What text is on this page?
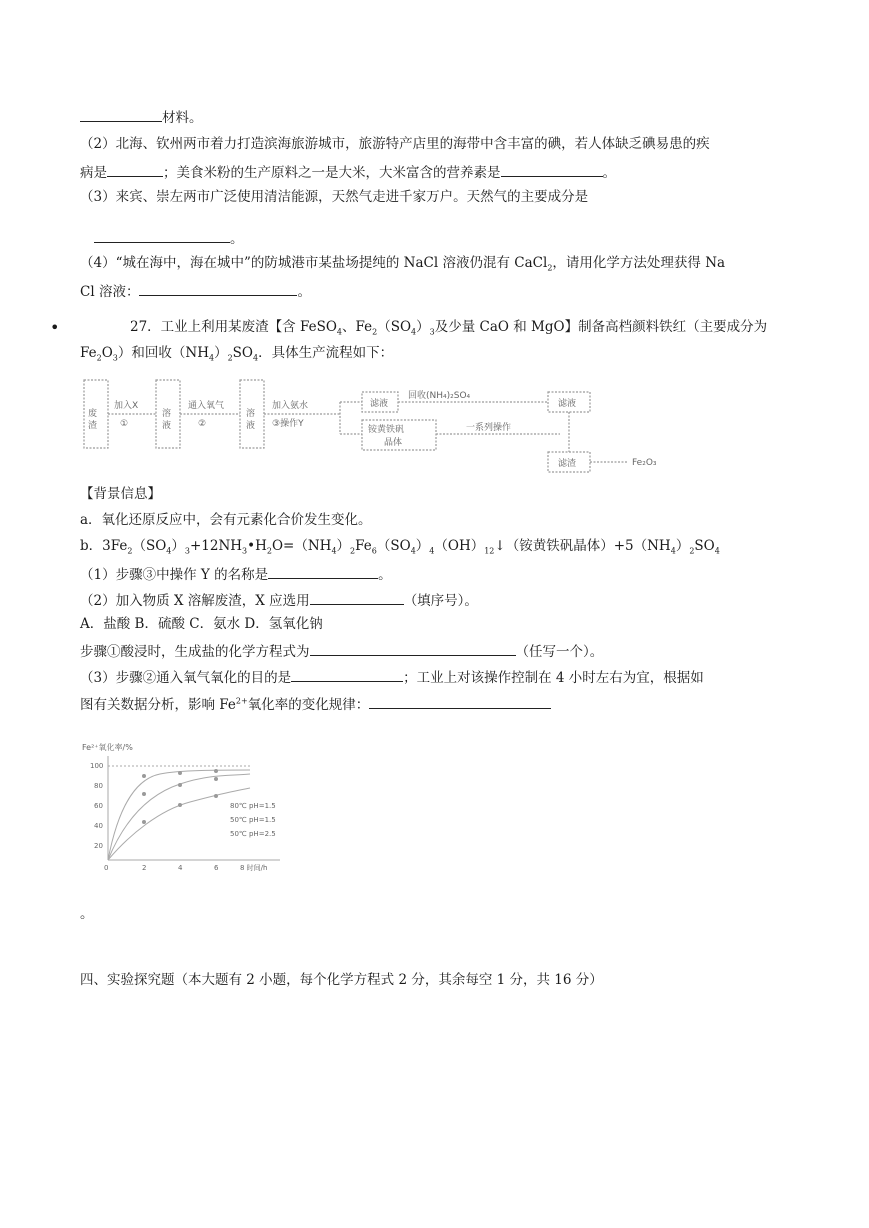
材料。
（2）北海、钦州两市着力打造滨海旅游城市，旅游特产店里的海带中含丰富的碘，若人体缺乏碘易患的疾
病是	；美食米粉的生产原料之一是大米，大米富含的营养素是	。
（3）来宾、崇左两市广泛使用清洁能源，天然气走进千家万户。天然气的主要成分是
。
（4）“城在海中，海在城中”的防城港市某盐场提纯的 NaCl 溶液仍混有 CaCl$_2$，请用化学方法处理获得 Na
Cl 溶液：	。
•	27．工业上利用某废渣【含 FeSO$_4$、$Fe_2(SO_4)_3$及少量 CaO 和 MgO】制备高档颜料铁红（主要成分为
$Fe_2O_3$）和回收$(NH_4)_2SO_4$．具体生产流程如下：
加入X
①
通入氧气
②
加入氨水
③操作Y
回收(NH₄)₂SO₄
一系列操作
Fe₂O₃
滤液
铵黄铁矾
晶体
滤液
滤渣
废
渣
溶
液
溶
液
【背景信息】
a．氧化还原反应中，会有元素化合价发生变化。
b．$3Fe_2(SO_4)_3+12NH_3•H_2O=(NH_4)_2Fe_6(SO_4)_4(OH)_{12}↓$（铵黄铁矾晶体）$+5(NH_4)_2SO_4$
（1）步骤③中操作 Y 的名称是	。
（2）加入物质 X 溶解废渣，X 应选用	（填序号）。
A．盐酸 B．硫酸 C．氨水 D．氢氧化钠
步骤①酸浸时，生成盐的化学方程式为	（任写一个）。
（3）步骤②通入氧气氧化的目的是	；工业上对该操作控制在 4 小时左右为宜，根据如
图有关数据分析，影响 $Fe^{2+}$氧化率的变化规律：
Fe²⁺氧化率/%
100
80
60
40
20
0	2	4	6	8 时间/h
80℃ pH=1.5
50℃ pH=1.5
50℃ pH=2.5
。
四、实验探究题（本大题有 2 小题，每个化学方程式 2 分，其余每空 1 分，共 16 分）
